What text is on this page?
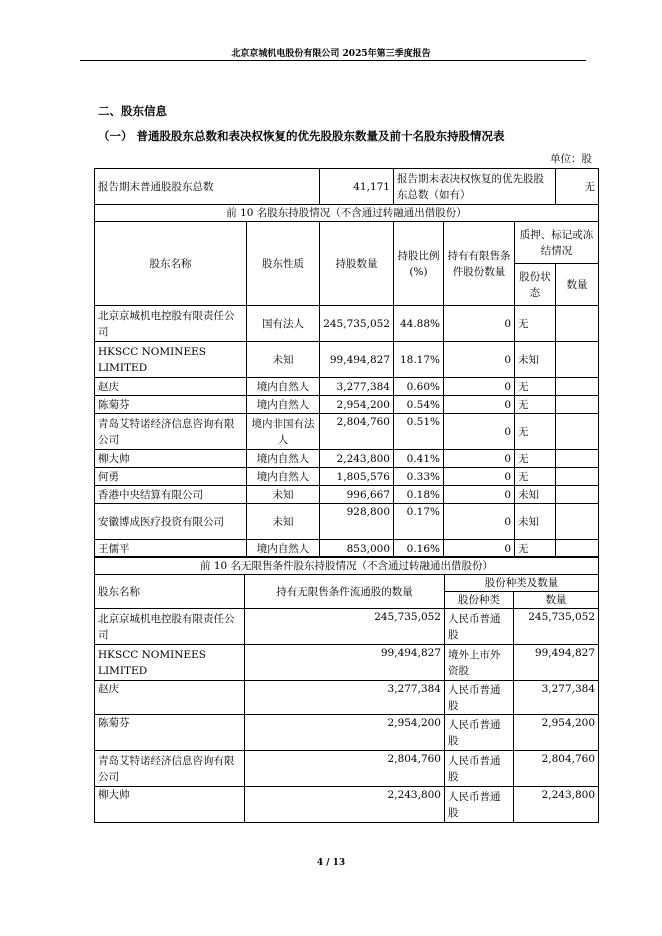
北京京城机电股份有限公司 2025年第三季度报告
二、股东信息
（一） 普通股股东总数和表决权恢复的优先股股东数量及前十名股东持股情况表
单位：股
报告期末普通股股东总数		41,171	报告期末表决权恢复的优先股股东总数（如有）			无
前 10 名股东持股情况（不含通过转融通出借股份）						
股东名称	股东性质	持股数量	持股比例(%)	持有有限售条件股份数量	质押、标记或冻结情况	
					股份状态	数量
北京京城机电控股有限责任公司	国有法人	245,735,052	44.88%	0	无	
HKSCC NOMINEES LIMITED	未知	99,494,827	18.17%	0	未知	
赵庆	境内自然人	3,277,384	0.60%	0	无	
陈菊芬	境内自然人	2,954,200	0.54%	0	无	
青岛艾特诺经济信息咨询有限公司	境内非国有法人	2,804,760	0.51%	0	无	
柳大帅	境内自然人	2,243,800	0.41%	0	无	
何勇	境内自然人	1,805,576	0.33%	0	无	
香港中央结算有限公司	未知	996,667	0.18%	0	未知	
安徽博成医疗投资有限公司	未知	928,800	0.17%	0	未知	
王儒平	境内自然人	853,000	0.16%	0	无	
前 10 名无限售条件股东持股情况（不含通过转融通出借股份）			
股东名称	持有无限售条件流通股的数量	股份种类及数量	
		股份种类	数量
北京京城机电控股有限责任公司	245,735,052	人民币普通股	245,735,052
HKSCC NOMINEES LIMITED	99,494,827	境外上市外资股	99,494,827
赵庆	3,277,384	人民币普通股	3,277,384
陈菊芬	2,954,200	人民币普通股	2,954,200
青岛艾特诺经济信息咨询有限公司	2,804,760	人民币普通股	2,804,760
柳大帅	2,243,800	人民币普通股	2,243,800
4 / 13
